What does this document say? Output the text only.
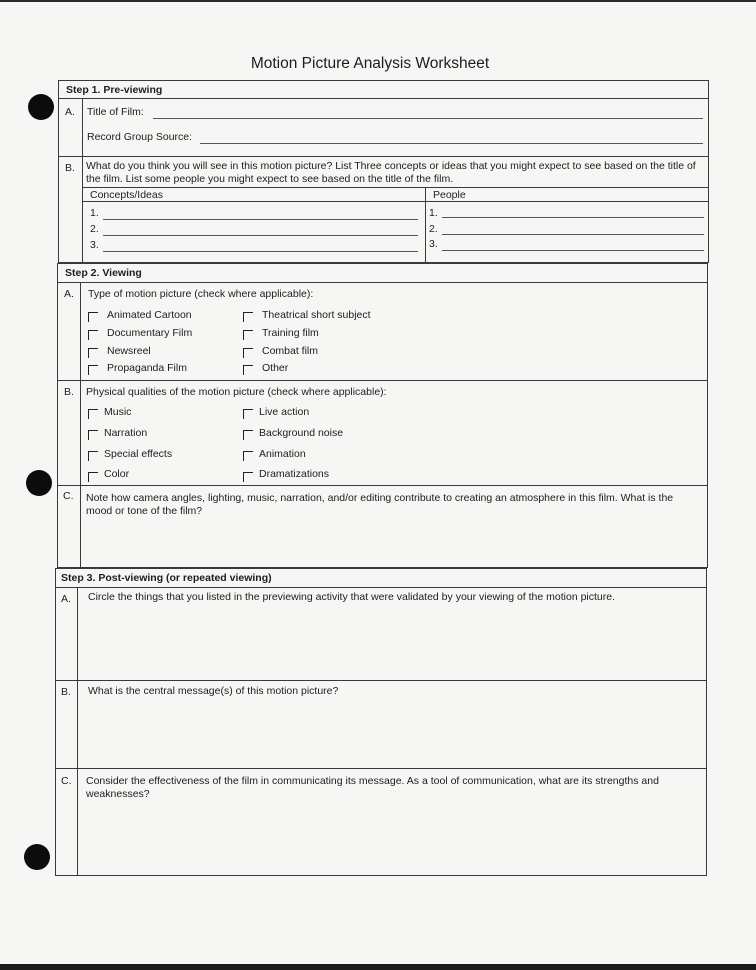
Motion Picture Analysis Worksheet
Step 1. Pre-viewing
A. Title of Film:
Record Group Source:
B. What do you think you will see in this motion picture? List Three concepts or ideas that you might expect to see based on the title of the film. List some people you might expect to see based on the title of the film.
Concepts/Ideas	People
1.
2.
3.
1.
2.
3.
Step 2. Viewing
A. Type of motion picture (check where applicable):
Animated Cartoon
Documentary Film
Newsreel
Propaganda Film
Theatrical short subject
Training film
Combat film
Other
B. Physical qualities of the motion picture (check where applicable):
Music
Narration
Special effects
Color
Live action
Background noise
Animation
Dramatizations
C. Note how camera angles, lighting, music, narration, and/or editing contribute to creating an atmosphere in this film. What is the mood or tone of the film?
Step 3. Post-viewing (or repeated viewing)
A. Circle the things that you listed in the previewing activity that were validated by your viewing of the motion picture.
B. What is the central message(s) of this motion picture?
C. Consider the effectiveness of the film in communicating its message. As a tool of communication, what are its strengths and weaknesses?
